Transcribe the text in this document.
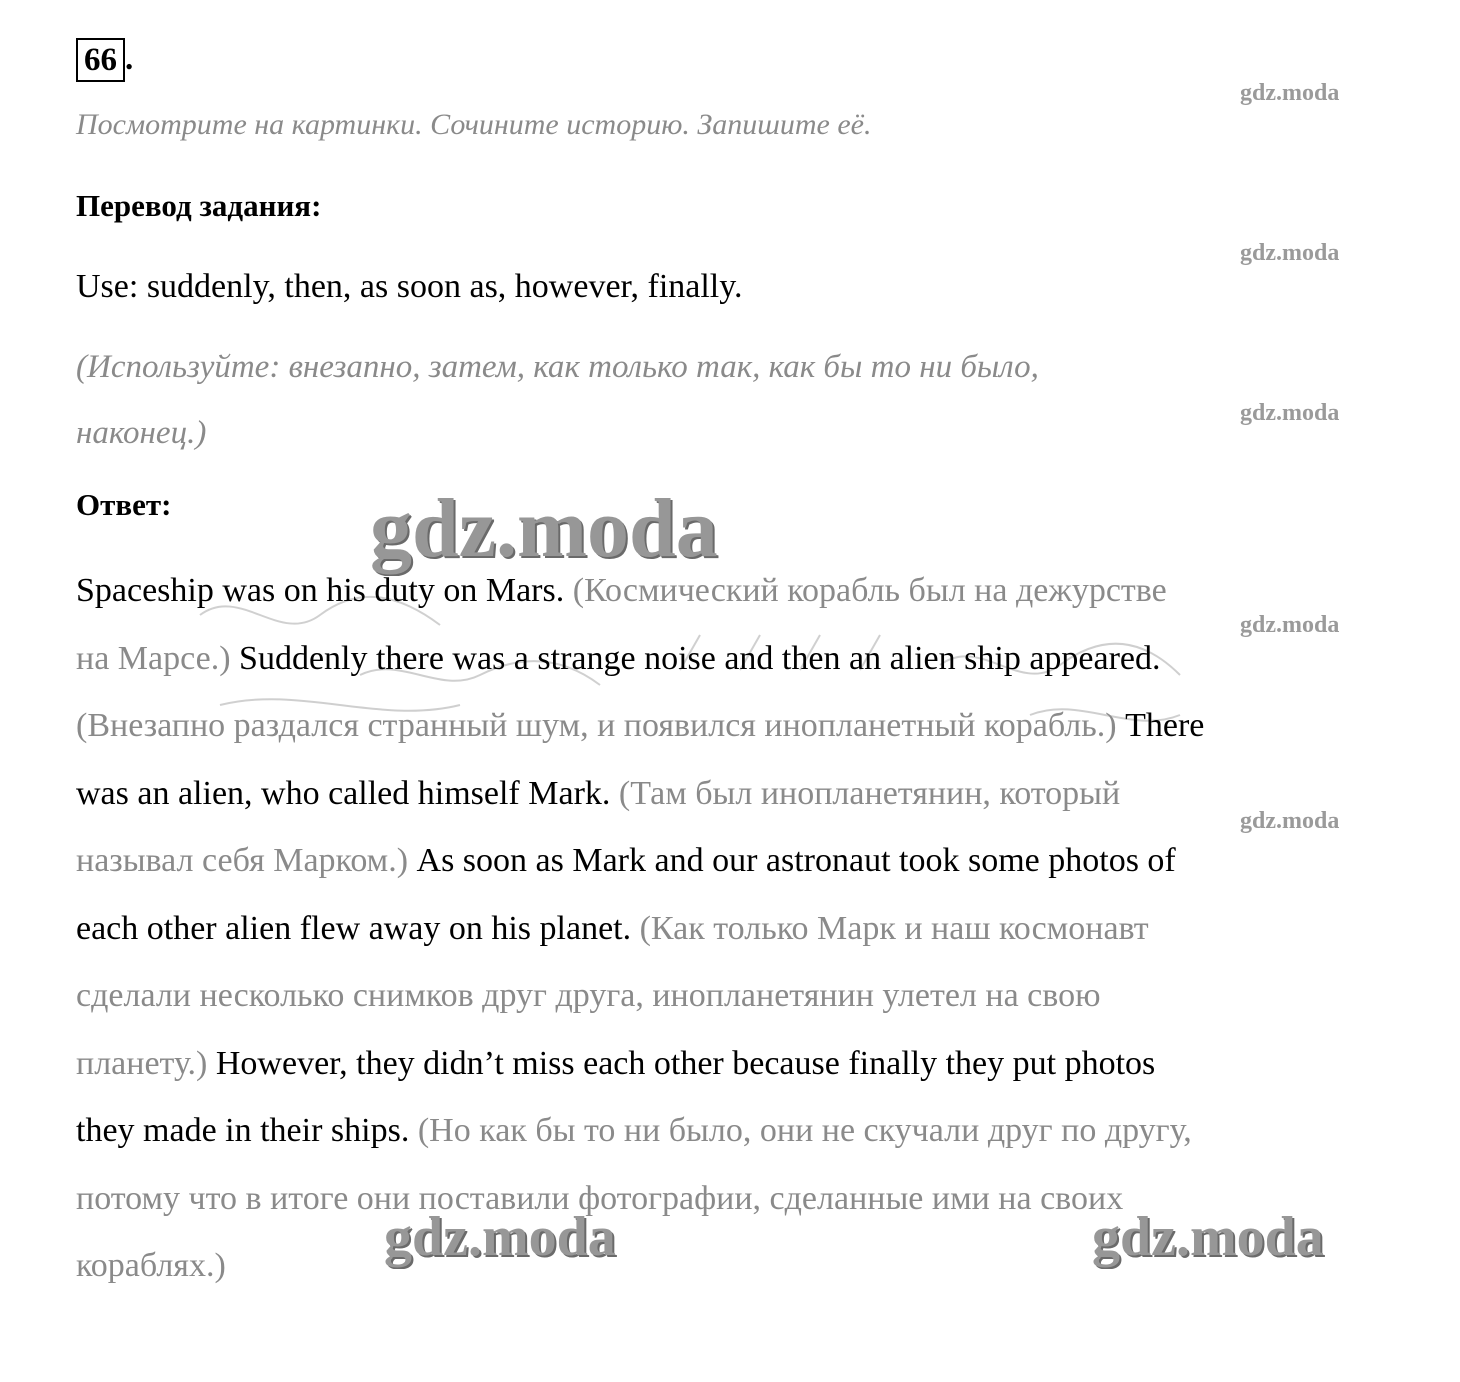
66 .
Посмотрите на картинки. Сочините историю. Запишите её.
Перевод задания:
Use: suddenly, then, as soon as, however, finally.
(Используйте: внезапно, затем, как только так, как бы то ни было,
наконец.)
Ответ:
Spaceship was on his duty on Mars. (Космический корабль был на дежурстве
на Марсе.) Suddenly there was a strange noise and then an alien ship appeared.
(Внезапно раздался странный шум, и появился инопланетный корабль.) There
was an alien, who called himself Mark. (Там был инопланетянин, который
называл себя Марком.) As soon as Mark and our astronaut took some photos of
each other alien flew away on his planet. (Как только Марк и наш космонавт
сделали несколько снимков друг друга, инопланетянин улетел на свою
планету.) However, they didn’t miss each other because finally they put photos
they made in their ships. (Но как бы то ни было, они не скучали друг по другу,
потому что в итоге они поставили фотографии, сделанные ими на своих
кораблях.)
gdz.moda
gdz.moda
gdz.moda
gdz.moda
gdz.moda
gdz.moda
gdz.moda	gdz.moda
